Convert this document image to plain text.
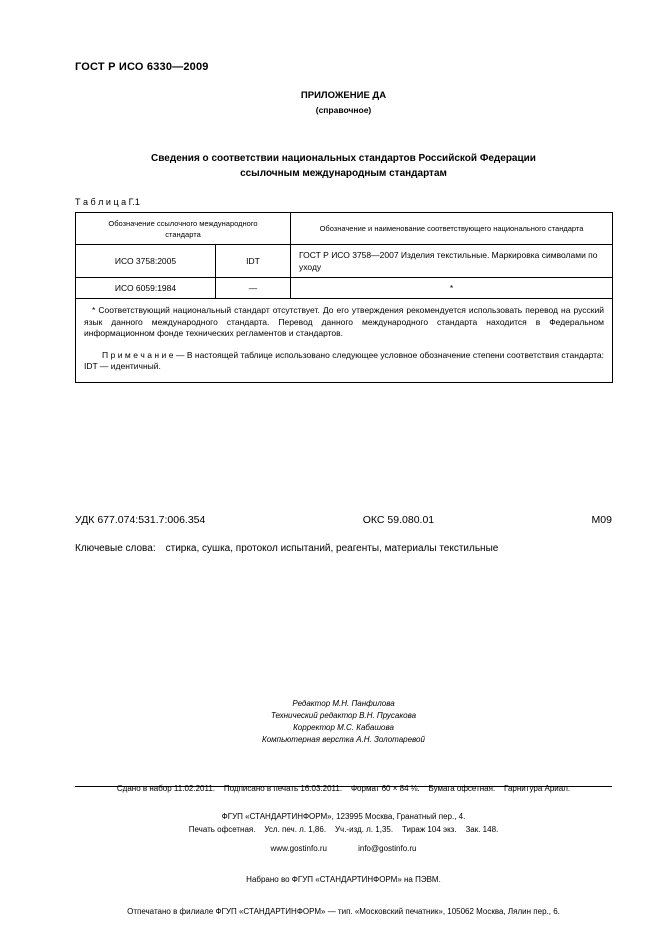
ГОСТ Р ИСО 6330—2009
ПРИЛОЖЕНИЕ ДА
(справочное)
Сведения о соответствии национальных стандартов Российской Федерации
ссылочным международным стандартам
Т а б л и ц а Г.1
Обозначение ссылочного международного стандарта		Обозначение и наименование соответствующего национального стандарта
ИСО 3758:2005	IDT	ГОСТ Р ИСО 3758—2007 Изделия текстильные. Маркировка символами по уходу
ИСО 6059:1984	—	*

* Соответствующий национальный стандарт отсутствует. До его утверждения рекомендуется использовать перевод на русский язык данного международного стандарта. Перевод данного международного стандарта находится в Федеральном информационном фонде технических регламентов и стандартов.

П р и м е ч а н и е — В настоящей таблице использовано следующее условное обозначение степени соответствия стандарта: IDT — идентичный.		

УДК 677.074:531.7:006.354	ОКС 59.080.01	М09
Ключевые слова: стирка, сушка, протокол испытаний, реагенты, материалы текстильные
Редактор М.Н. Панфилова
Технический редактор В.Н. Прусакова
Корректор М.С. Кабашова
Компьютерная верстка А.Н. Золотаревой

Сдано в набор 11.02.2011.    Подписано в печать 16.03.2011.    Формат 60 × 84 ⅛.    Бумага офсетная.    Гарнитура Ариал.

Печать офсетная.    Усл. печ. л. 1,86.    Уч.-изд. л. 1,35.    Тираж 104 экз.    Зак. 148.

ФГУП «СТАНДАРТИНФОРМ», 123995 Москва, Гранатный пер., 4.

www.gostinfo.ru              info@gostinfo.ru

Набрано во ФГУП «СТАНДАРТИНФОРМ» на ПЭВМ.

Отпечатано в филиале ФГУП «СТАНДАРТИНФОРМ» — тип. «Московский печатник», 105062 Москва, Лялин пер., 6.
